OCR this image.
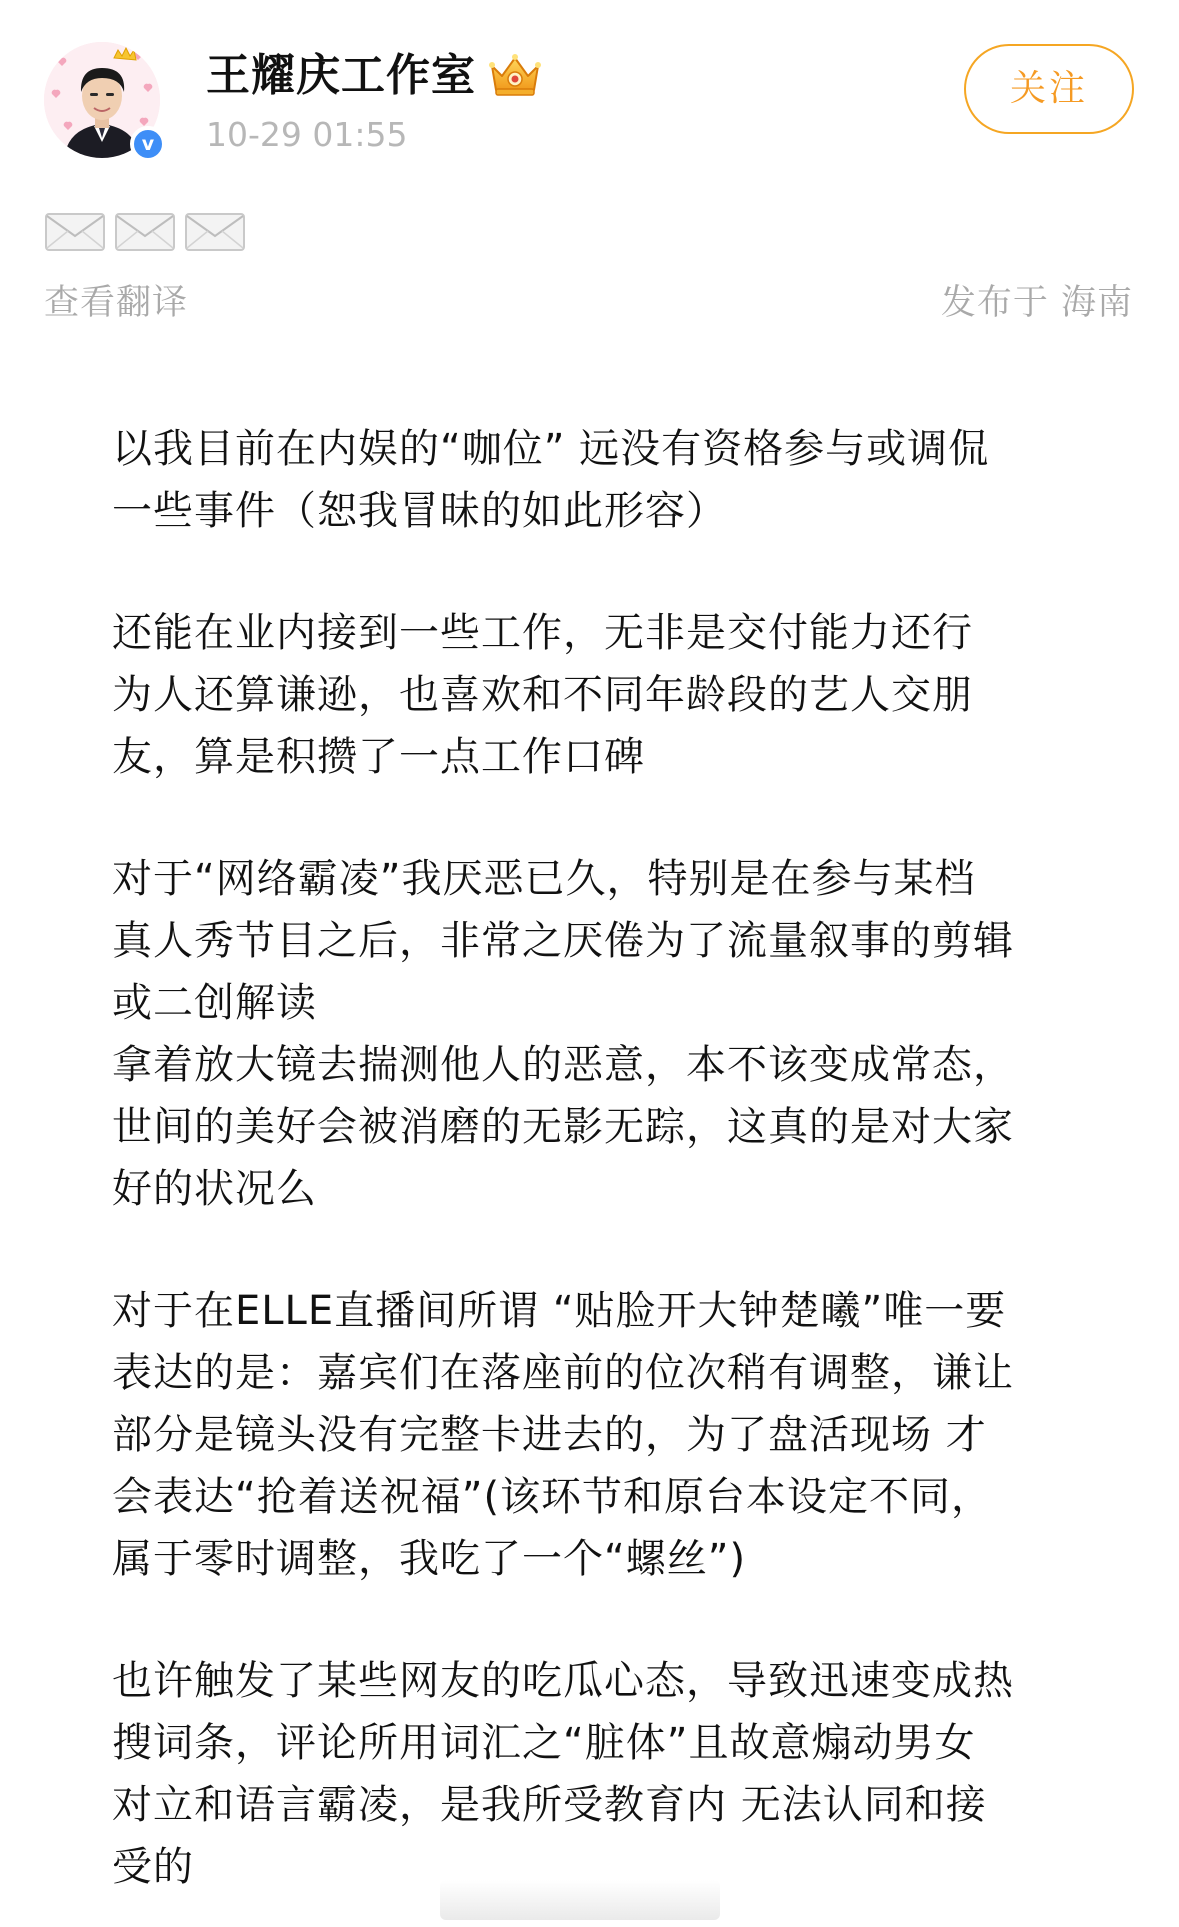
v
王耀庆工作室
10-29 01:55
关注
查看翻译	发布于 海南
以我目前在内娱的“咖位” 远没有资格参与或调侃
一些事件（恕我冒昧的如此形容）
还能在业内接到一些工作，无非是交付能力还行
为人还算谦逊，也喜欢和不同年龄段的艺人交朋
友，算是积攒了一点工作口碑
对于“网络霸凌”我厌恶已久，特别是在参与某档
真人秀节目之后，非常之厌倦为了流量叙事的剪辑
或二创解读
拿着放大镜去揣测他人的恶意，本不该变成常态，
世间的美好会被消磨的无影无踪，这真的是对大家
好的状况么
对于在ELLE直播间所谓 “贴脸开大钟楚曦”唯一要
表达的是：嘉宾们在落座前的位次稍有调整，谦让
部分是镜头没有完整卡进去的，为了盘活现场 才
会表达“抢着送祝福”(该环节和原台本设定不同，
属于零时调整，我吃了一个“螺丝”)
也许触发了某些网友的吃瓜心态，导致迅速变成热
搜词条，评论所用词汇之“脏体”且故意煽动男女
对立和语言霸凌，是我所受教育内 无法认同和接
受的
